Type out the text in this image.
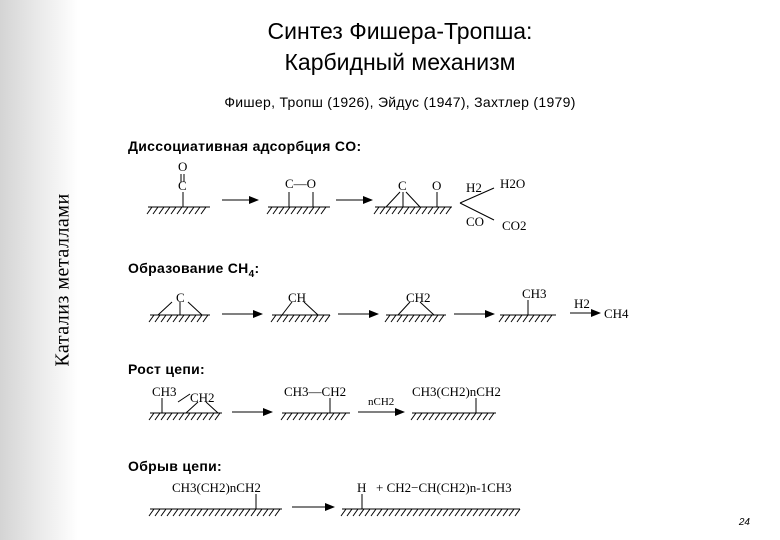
Катализ металлами
Синтез Фишера-Тропша:
Карбидный механизм
Фишер, Тропш (1926), Эйдус (1947), Захтлер (1979)
Диссоциативная адсорбция CO:
Образование $CH_4$:
Рост цепи:
Обрыв цепи:
C
O
C—O	C O H2 H2O
CO CO2
C	CH	CH2	CH3
H2
CH4
CH3 CH2	CH3—CH2
nCH2
CH3(CH2)nCH2
CH3(CH2)nCH2	H + CH2−CH(CH2)n-1CH3
24
